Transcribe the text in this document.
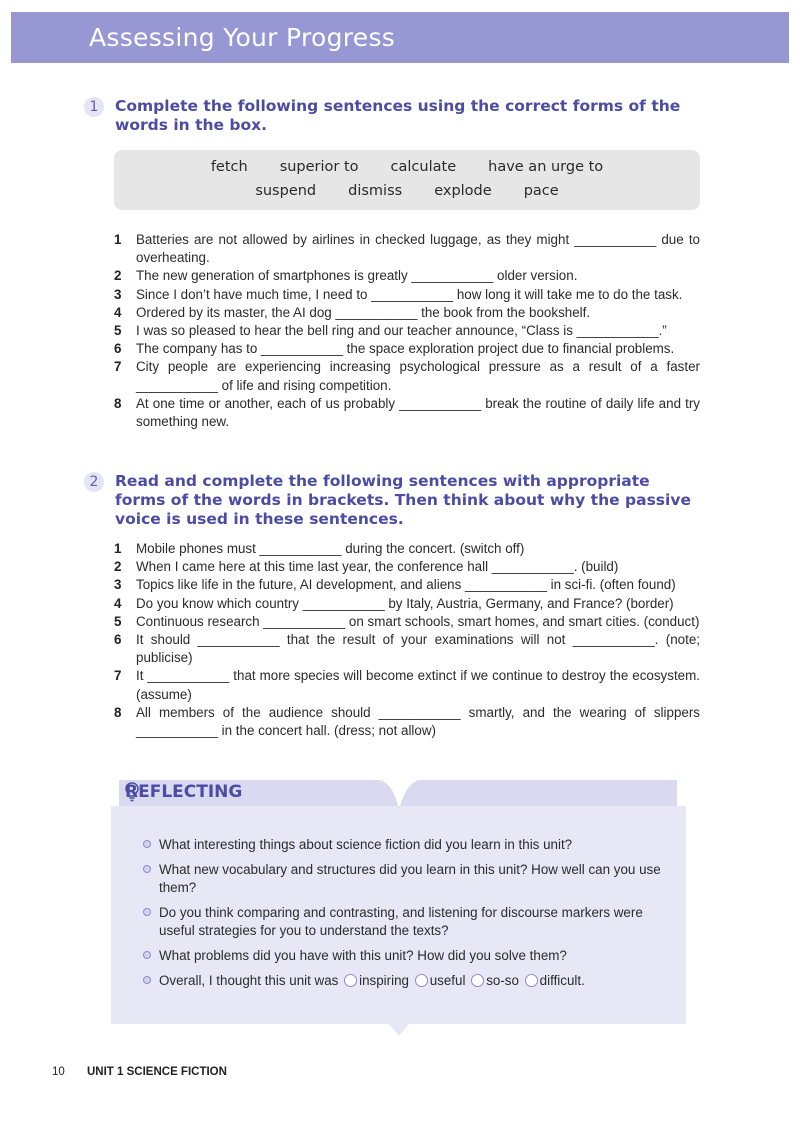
Assessing Your Progress
1	Complete the following sentences using the correct forms of the words in the box.
fetch superior to calculate have an urge to
suspend dismiss explode pace
1	Batteries are not allowed by airlines in checked luggage, as they might ___________ due to overheating.
2	The new generation of smartphones is greatly ___________ older version.
3	Since I don’t have much time, I need to ___________ how long it will take me to do the task.
4	Ordered by its master, the AI dog ___________ the book from the bookshelf.
5	I was so pleased to hear the bell ring and our teacher announce, “Class is ___________.”
6	The company has to ___________ the space exploration project due to financial problems.
7	City people are experiencing increasing psychological pressure as a result of a faster ___________ of life and rising competition.
8	At one time or another, each of us probably ___________ break the routine of daily life and try something new.
2	Read and complete the following sentences with appropriate forms of the words in brackets. Then think about why the passive voice is used in these sentences.
1	Mobile phones must ___________ during the concert. (switch off)
2	When I came here at this time last year, the conference hall ___________. (build)
3	Topics like life in the future, AI development, and aliens ___________ in sci-fi. (often found)
4	Do you know which country ___________ by Italy, Austria, Germany, and France? (border)
5	Continuous research ___________ on smart schools, smart homes, and smart cities. (conduct)
6	It should ___________ that the result of your examinations will not ___________. (note; publicise)
7	It ___________ that more species will become extinct if we continue to destroy the ecosystem. (assume)
8	All members of the audience should ___________ smartly, and the wearing of slippers ___________ in the concert hall. (dress; not allow)
REFLECTING
What interesting things about science fiction did you learn in this unit?
What new vocabulary and structures did you learn in this unit? How well can you use them?
Do you think comparing and contrasting, and listening for discourse markers were useful strategies for you to understand the texts?
What problems did you have with this unit? How did you solve them?
Overall, I thought this unit was inspiring useful so-so difficult.
10 UNIT 1 SCIENCE FICTION
